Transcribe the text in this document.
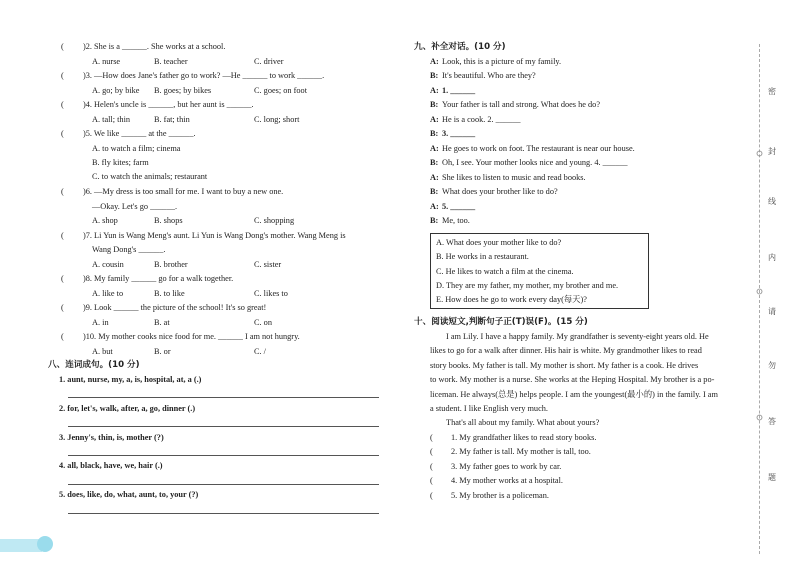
( )2. She is a ______. She works at a school.
A. nurse	B. teacher	C. driver
( )3. —How does Jane's father go to work? —He ______ to work ______.
A. go; by bike B. goes; by bikes	C. goes; on foot
( )4. Helen's uncle is ______, but her aunt is ______.
A. tall; thin	B. fat; thin	C. long; short
( )5. We like ______ at the ______.
A. to watch a film; cinema
B. fly kites; farm
C. to watch the animals; restaurant
( )6. —My dress is too small for me. I want to buy a new one.
—Okay. Let's go ______.
A. shop	B. shops	C. shopping
( )7. Li Yun is Wang Meng's aunt. Li Yun is Wang Dong's mother. Wang Meng is
Wang Dong's ______.
A. cousin	B. brother	C. sister
( )8. My family ______ go for a walk together.
A. like to	B. to like	C. likes to
( )9. Look ______ the picture of the school! It's so great!
A. in	B. at	C. on
( )10. My mother cooks nice food for me. ______ I am not hungry.
A. but	B. or	C. /
八、连词成句。(10 分)
1. aunt, nurse, my, a, is, hospital, at, a (.)
2. for, let's, walk, after, a, go, dinner (.)
3. Jenny's, thin, is, mother (?)
4. all, black, have, we, hair (.)
5. does, like, do, what, aunt, to, your (?)
九、补全对话。(10 分)
A: Look, this is a picture of my family.
B: It's beautiful. Who are they?
A: 1. ______
B: Your father is tall and strong. What does he do?
A: He is a cook. 2. ______
B: 3. ______
A: He goes to work on foot. The restaurant is near our house.
B: Oh, I see. Your mother looks nice and young. 4. ______
A: She likes to listen to music and read books.
B: What does your brother like to do?
A: 5. ______
B: Me, too.
A. What does your mother like to do?
B. He works in a restaurant.
C. He likes to watch a film at the cinema.
D. They are my father, my mother, my brother and me.
E. How does he go to work every day(每天)?
十、阅读短文,判断句子正(T)误(F)。(15 分)
I am Lily. I have a happy family. My grandfather is seventy-eight years old. He
likes to go for a walk after dinner. His hair is white. My grandmother likes to read
story books. My father is tall. My mother is short. My father is a cook. He drives
to work. My mother is a nurse. She works at the Heping Hospital. My brother is a po-
liceman. He always(总是) helps people. I am the youngest(最小的) in the family. I am
a student. I like English very much.
That's all about my family. What about yours?
( 1. My grandfather likes to read story books.
( 2. My father is tall. My mother is tall, too.
( 3. My father goes to work by car.
( 4. My mother works at a hospital.
( 5. My brother is a policeman.
密
封
线
内
请
勿
答
题
